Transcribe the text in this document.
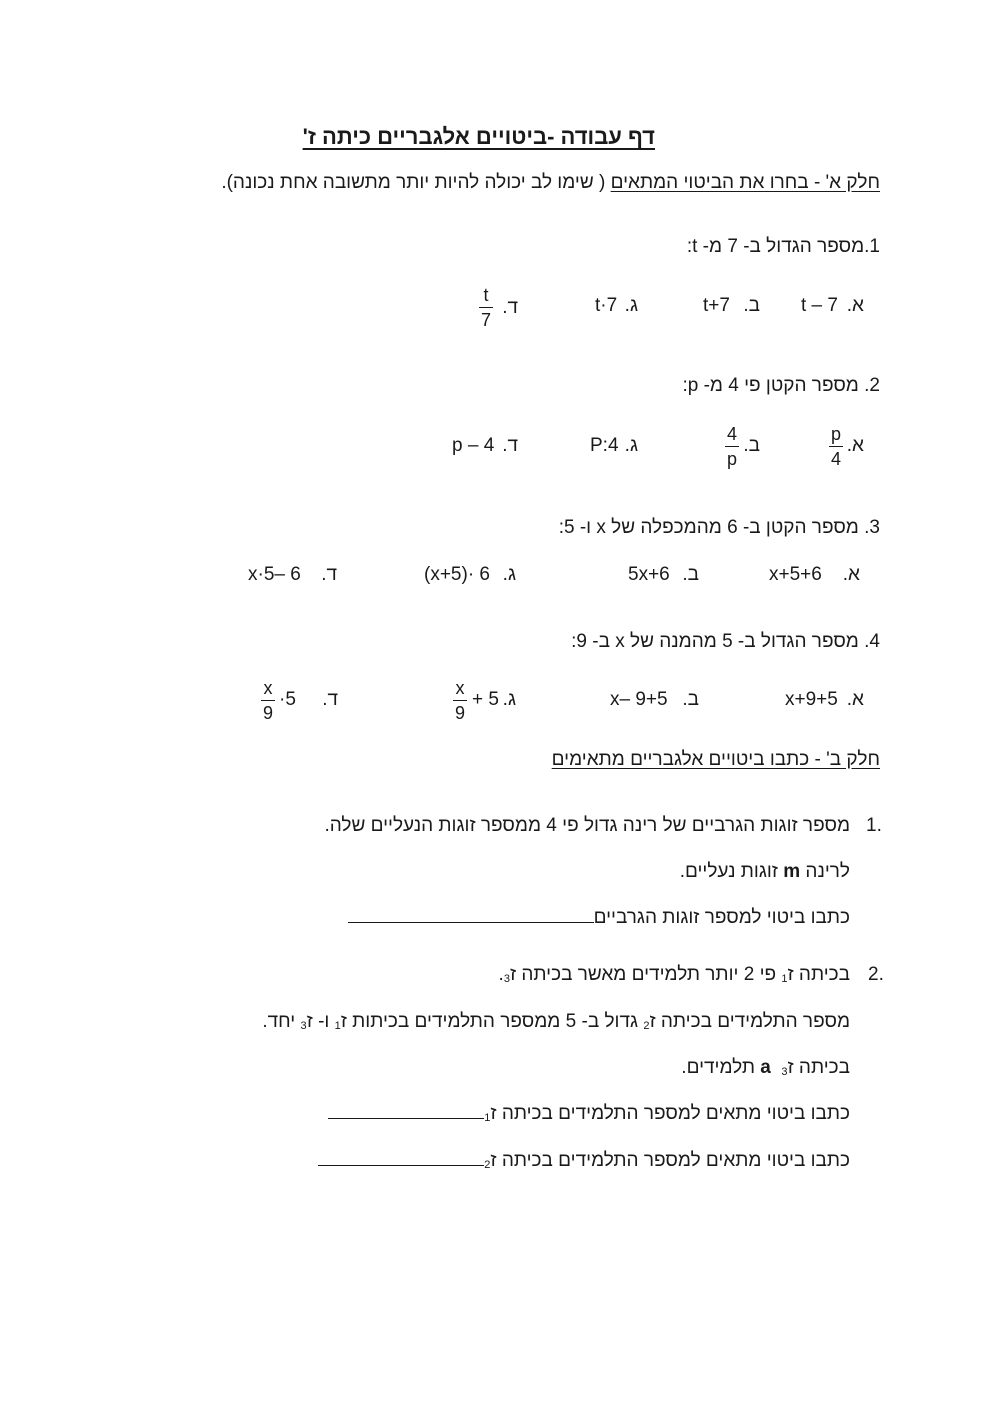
דף עבודה -ביטויים אלגבריים כיתה ז'
חלק א' - בחרו את הביטוי המתאים ( שימו לב יכולה להיות יותר מתשובה אחת נכונה).
1.מספר הגדול ב- 7 מ- t:
א.
t – 7
ב.
t+7
ג.
t·7
ד.
t
7
2. מספר הקטן פי 4 מ- p:
א.
p
4
ב.
4
p
ג.
P:4
ד.
p – 4
3. מספר הקטן ב- 6 מהמכפלה של x ו- 5:
א.
x+5+6
ב.
5x+6
ג.
(x+5)· 6
ד.
x·5– 6
4. מספר הגדול ב- 5 מהמנה של x ב- 9:
א.
x+9+5
ב.
x– 9+5
ג.
x
9
+ 5
ד.
x
9
·5
חלק ב' - כתבו ביטויים אלגבריים מתאימים
1.
מספר זוגות הגרביים של רינה גדול פי 4 ממספר זוגות הנעליים שלה.
לרינה m זוגות נעליים.
כתבו ביטוי למספר זוגות הגרביים
2.
בכיתה ז1 פי 2 יותר תלמידים מאשר בכיתה ז3.
מספר התלמידים בכיתה ז2 גדול ב- 5 ממספר התלמידים בכיתות ז1 ו- ז3 יחד.
בכיתה ז3  a תלמידים.
כתבו ביטוי מתאים למספר התלמידים בכיתה ז1
כתבו ביטוי מתאים למספר התלמידים בכיתה ז2
